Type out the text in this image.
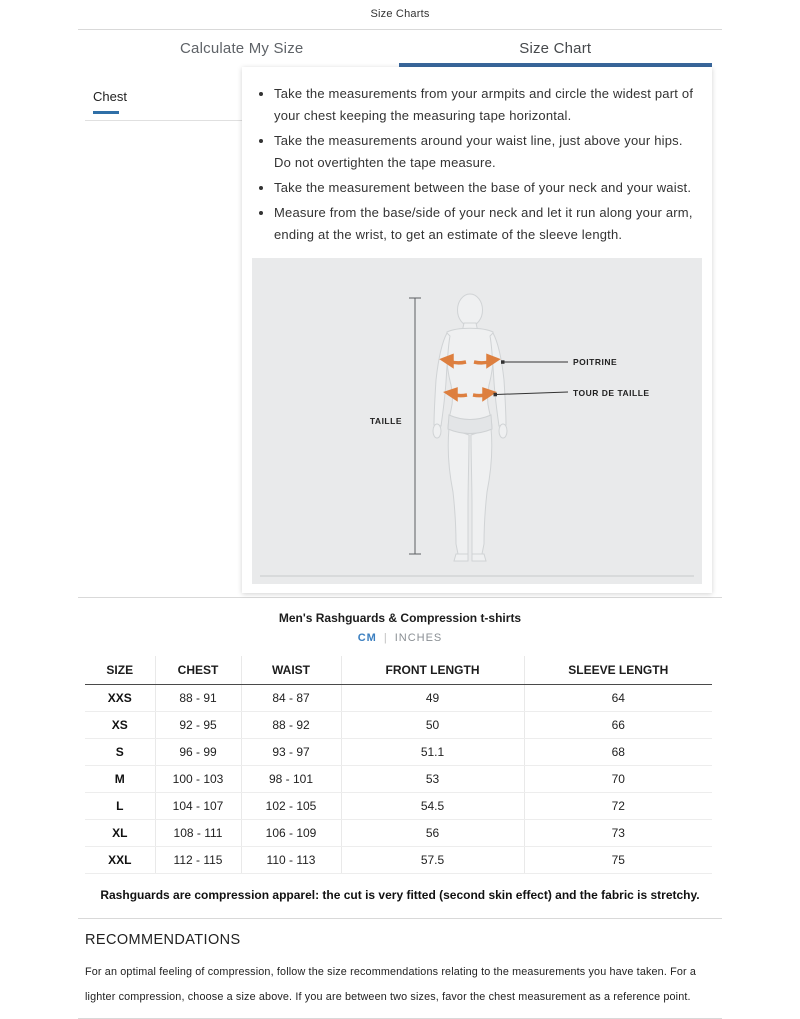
Size Charts
Calculate My Size	Size Chart
Chest	• Take the measurements from your armpits and circle the widest part of your chest keeping the measuring tape horizontal.
• Take the measurements around your waist line, just above your hips. Do not overtighten the tape measure.
• Take the measurement between the base of your neck and your waist.
• Measure from the base/side of your neck and let it run along your arm, ending at the wrist, to get an estimate of the sleeve length.
POITRINE
TOUR DE TAILLE
TAILLE
Men's Rashguards & Compression t-shirts
CM | INCHES
SIZE	CHEST	WAIST	FRONT LENGTH	SLEEVE LENGTH
XXS	88 - 91	84 - 87	49	64
XS	92 - 95	88 - 92	50	66
S	96 - 99	93 - 97	51.1	68
M	100 - 103	98 - 101	53	70
L	104 - 107	102 - 105	54.5	72
XL	108 - 111	106 - 109	56	73
XXL	112 - 115	110 - 113	57.5	75
Rashguards are compression apparel: the cut is very fitted (second skin effect) and the fabric is stretchy.
RECOMMENDATIONS

For an optimal feeling of compression, follow the size recommendations relating to the measurements you have taken. For a lighter compression, choose a size above. If you are between two sizes, favor the chest measurement as a reference point.
